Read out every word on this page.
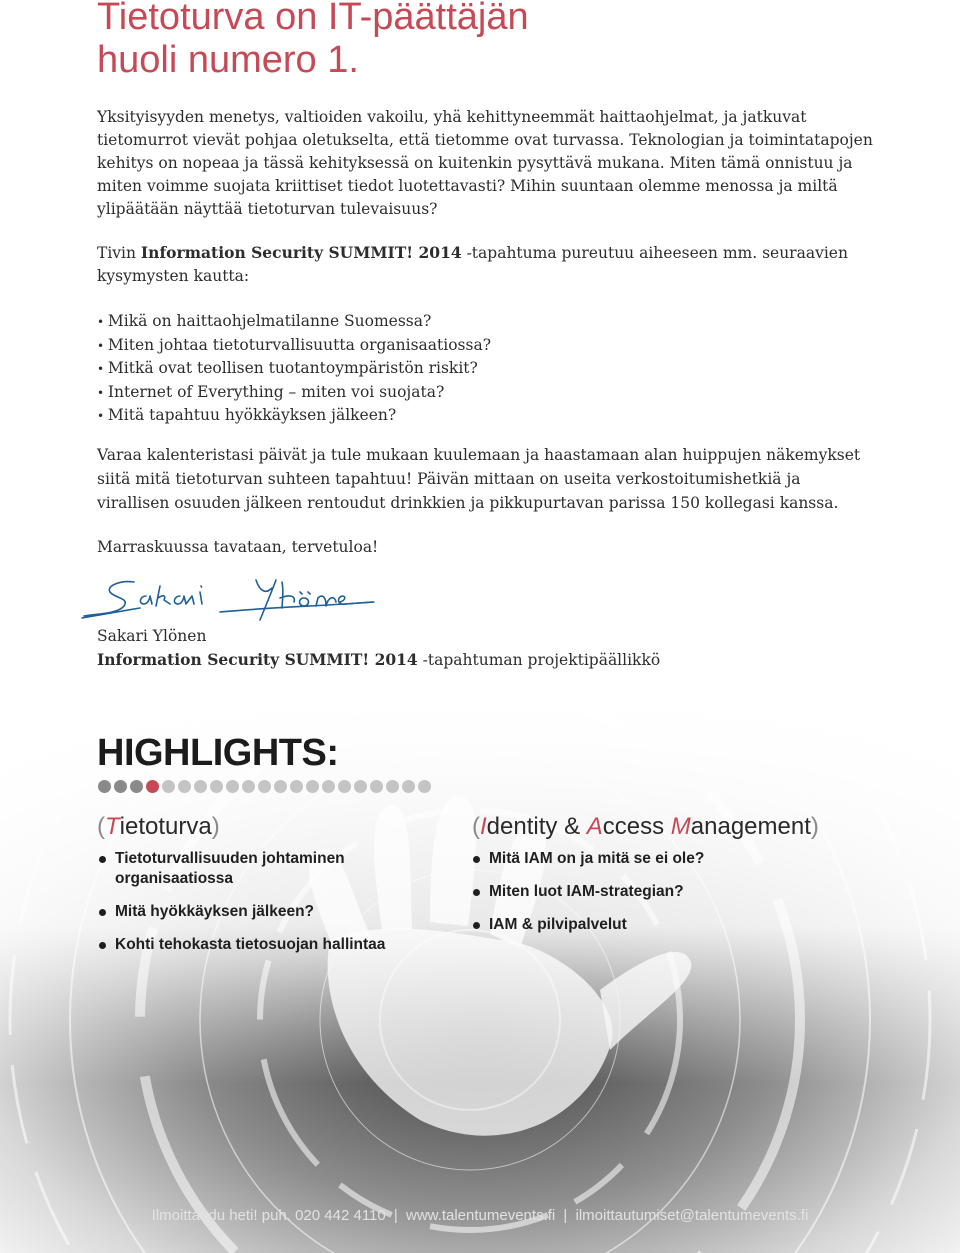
Tietoturva on IT-päättäjän
huoli numero 1.

Yksityisyyden menetys, valtioiden vakoilu, yhä kehittyneemmät haittaohjelmat, ja jatkuvat tietomurrot vievät pohjaa oletukselta, että tietomme ovat turvassa. Teknologian ja toimintatapojen kehitys on nopeaa ja tässä kehityksessä on kuitenkin pysyttävä mukana. Miten tämä onnistuu ja miten voimme suojata kriittiset tiedot luotettavasti? Mihin suuntaan olemme menossa ja miltä ylipäätään näyttää tietoturvan tulevaisuus?

Tivin Information Security SUMMIT! 2014 -tapahtuma pureutuu aiheeseen mm. seuraavien kysymysten kautta:

• Mikä on haittaohjelmatilanne Suomessa?
• Miten johtaa tietoturvallisuutta organisaatiossa?
• Mitkä ovat teollisen tuotantoympäristön riskit?
• Internet of Everything – miten voi suojata?
• Mitä tapahtuu hyökkäyksen jälkeen?

Varaa kalenteristasi päivät ja tule mukaan kuulemaan ja haastamaan alan huippujen näkemykset siitä mitä tietoturvan suhteen tapahtuu! Päivän mittaan on useita verkostoitumishetkiä ja virallisen osuuden jälkeen rentoudut drinkkien ja pikkupurtavan parissa 150 kollegasi kanssa.

Marraskuussa tavataan, tervetuloa!

Sakari Ylönen

Information Security SUMMIT! 2014 -tapahtuman projektipäällikkö

HIGHLIGHTS:
(Tietoturva)
Tietoturvallisuuden johtaminen organisaatiossa
Mitä hyökkäyksen jälkeen?
Kohti tehokasta tietosuojan hallintaa
(Identity & Access Management)
Mitä IAM on ja mitä se ei ole?
Miten luot IAM-strategian?
IAM & pilvipalvelut
Ilmoittaudu heti! puh. 020 442 4110 | www.talentumevents.fi | ilmoittautumiset@talentumevents.fi
